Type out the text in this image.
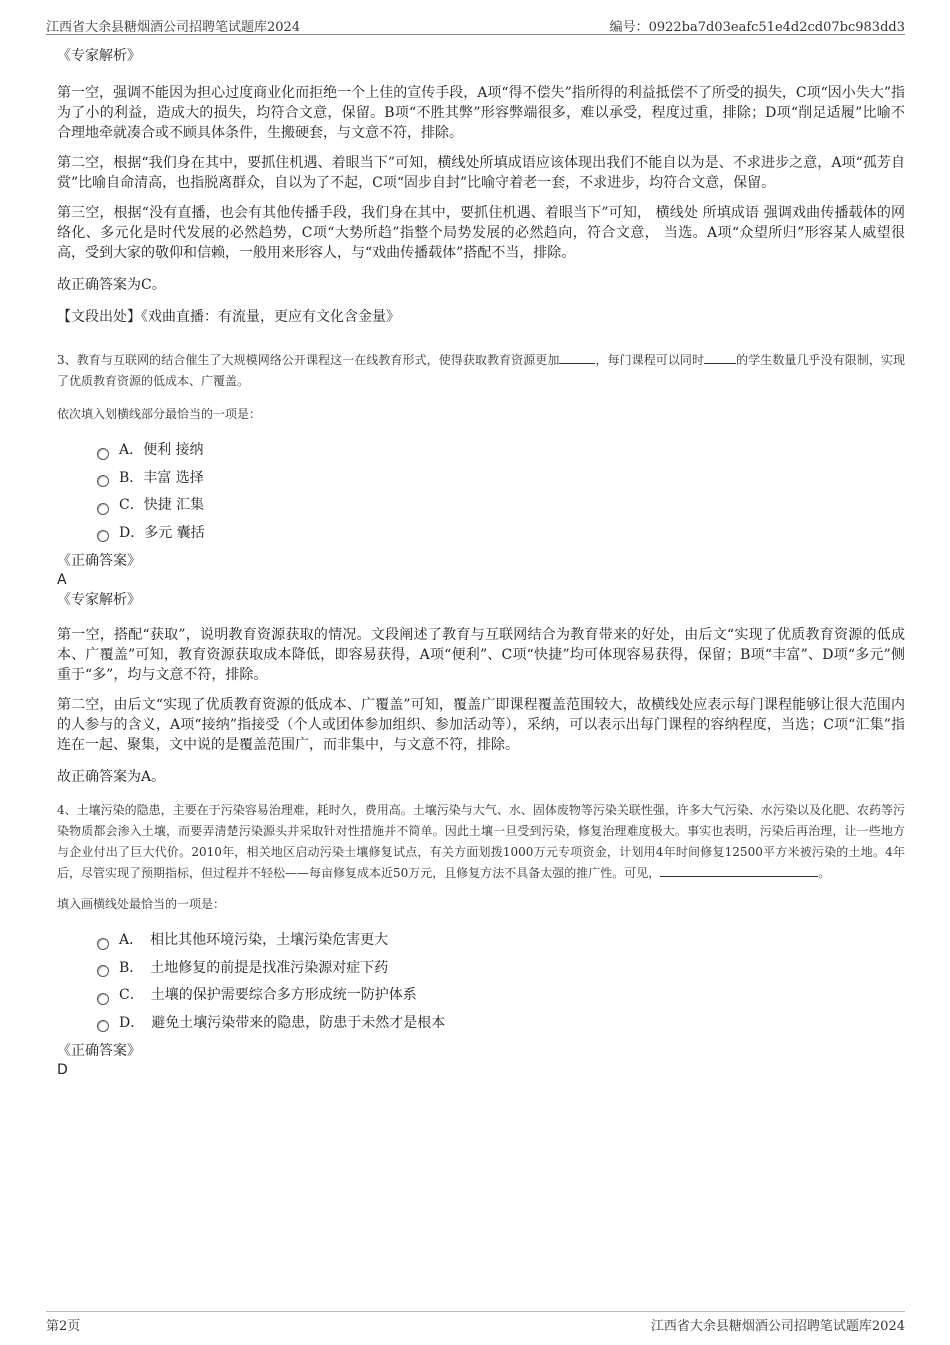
江西省大余县糖烟酒公司招聘笔试题库2024	编号：0922ba7d03eafc51e4d2cd07bc983dd3

《专家解析》

第一空，强调不能因为担心过度商业化而拒绝一个上佳的宣传手段，A项“得不偿失”指所得的利益抵偿不了所受的损失，C项“因小失大”指为了小的利益，造成大的损失，均符合文意，保留。B项“不胜其弊”形容弊端很多，难以承受，程度过重，排除；D项“削足适履”比喻不合理地牵就凑合或不顾具体条件，生搬硬套，与文意不符，排除。

第二空，根据“我们身在其中，要抓住机遇、着眼当下”可知，横线处所填成语应该体现出我们不能自以为是、不求进步之意，A项“孤芳自赏”比喻自命清高，也指脱离群众，自以为了不起，C项“固步自封”比喻守着老一套，不求进步，均符合文意，保留。

第三空，根据“没有直播，也会有其他传播手段，我们身在其中，要抓住机遇、着眼当下”可知， 横线处 所填成语 强调戏曲传播载体的网络化、多元化是时代发展的必然趋势，C项“大势所趋”指整个局势发展的必然趋向，符合文意， 当选。A项“众望所归”形容某人威望很高，受到大家的敬仰和信赖，一般用来形容人，与“戏曲传播载体”搭配不当，排除。

故正确答案为C。

【文段出处】《戏曲直播：有流量，更应有文化含金量》

3、教育与互联网的结合催生了大规模网络公开课程这一在线教育形式，使得获取教育资源更加	，每门课程可以同时	的学生数量几乎没有限制，实现了优质教育资源的低成本、广覆盖。

依次填入划横线部分最恰当的一项是：

A．便利 接纳
B．丰富 选择
C．快捷 汇集
D．多元 囊括

《正确答案》

A

《专家解析》

第一空，搭配“获取”，说明教育资源获取的情况。文段阐述了教育与互联网结合为教育带来的好处，由后文“实现了优质教育资源的低成本、广覆盖”可知，教育资源获取成本降低，即容易获得，A项“便利”、C项“快捷”均可体现容易获得，保留；B项“丰富”、D项“多元”侧重于“多”，均与文意不符，排除。

第二空，由后文“实现了优质教育资源的低成本、广覆盖”可知，覆盖广即课程覆盖范围较大，故横线处应表示每门课程能够让很大范围内的人参与的含义，A项“接纳”指接受（个人或团体参加组织、参加活动等），采纳，可以表示出每门课程的容纳程度，当选；C项“汇集”指连在一起、聚集，文中说的是覆盖范围广，而非集中，与文意不符，排除。

故正确答案为A。

4、土壤污染的隐患，主要在于污染容易治理难，耗时久，费用高。土壤污染与大气、水、固体废物等污染关联性强，许多大气污染、水污染以及化肥、农药等污染物质都会渗入土壤，而要弄清楚污染源头并采取针对性措施并不简单。因此土壤一旦受到污染，修复治理难度极大。事实也表明，污染后再治理，让一些地方与企业付出了巨大代价。2010年，相关地区启动污染土壤修复试点，有关方面划拨1000万元专项资金，计划用4年时间修复12500平方米被污染的土地。4年后，尽管实现了预期指标，但过程并不轻松——每亩修复成本近50万元，且修复方法不具备太强的推广性。可见，	。

填入画横线处最恰当的一项是：

A．　相比其他环境污染，土壤污染危害更大
B．　土地修复的前提是找准污染源对症下药
C．　土壤的保护需要综合多方形成统一防护体系
D．　避免土壤污染带来的隐患，防患于未然才是根本

《正确答案》

D

第2页	江西省大余县糖烟酒公司招聘笔试题库2024
